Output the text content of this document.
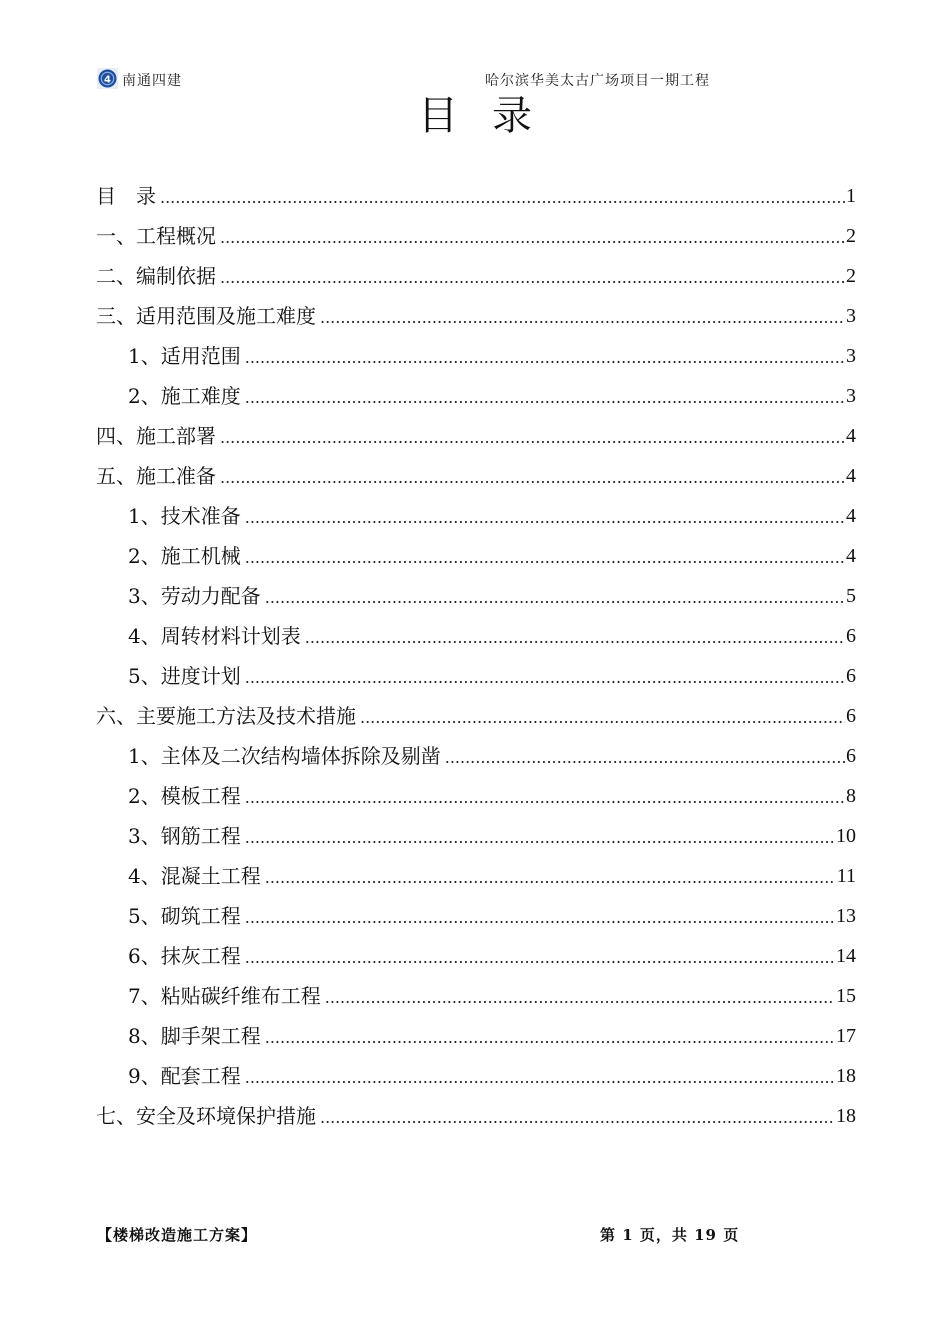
4 南通四建	哈尔滨华美太古广场项目一期工程
目录
目　录 .....	1
一、工程概况 .....	2
二、编制依据 .....	2
三、适用范围及施工难度 .....	3
1、适用范围 .....	3
2、施工难度 .....	3
四、施工部署 .....	4
五、施工准备 .....	4
1、技术准备 .....	4
2、施工机械 .....	4
3、劳动力配备 .....	5
4、周转材料计划表 .....	6
5、进度计划 .....	6
六、主要施工方法及技术措施 .....	6
1、主体及二次结构墙体拆除及剔凿 .....	6
2、模板工程 .....	8
3、钢筋工程 .....	10
4、混凝土工程 .....	11
5、砌筑工程 .....	13
6、抹灰工程 .....	14
7、粘贴碳纤维布工程 .....	15
8、脚手架工程 .....	17
9、配套工程 .....	18
七、安全及环境保护措施 .....	18
【楼梯改造施工方案】	第 1 页，共 19 页
